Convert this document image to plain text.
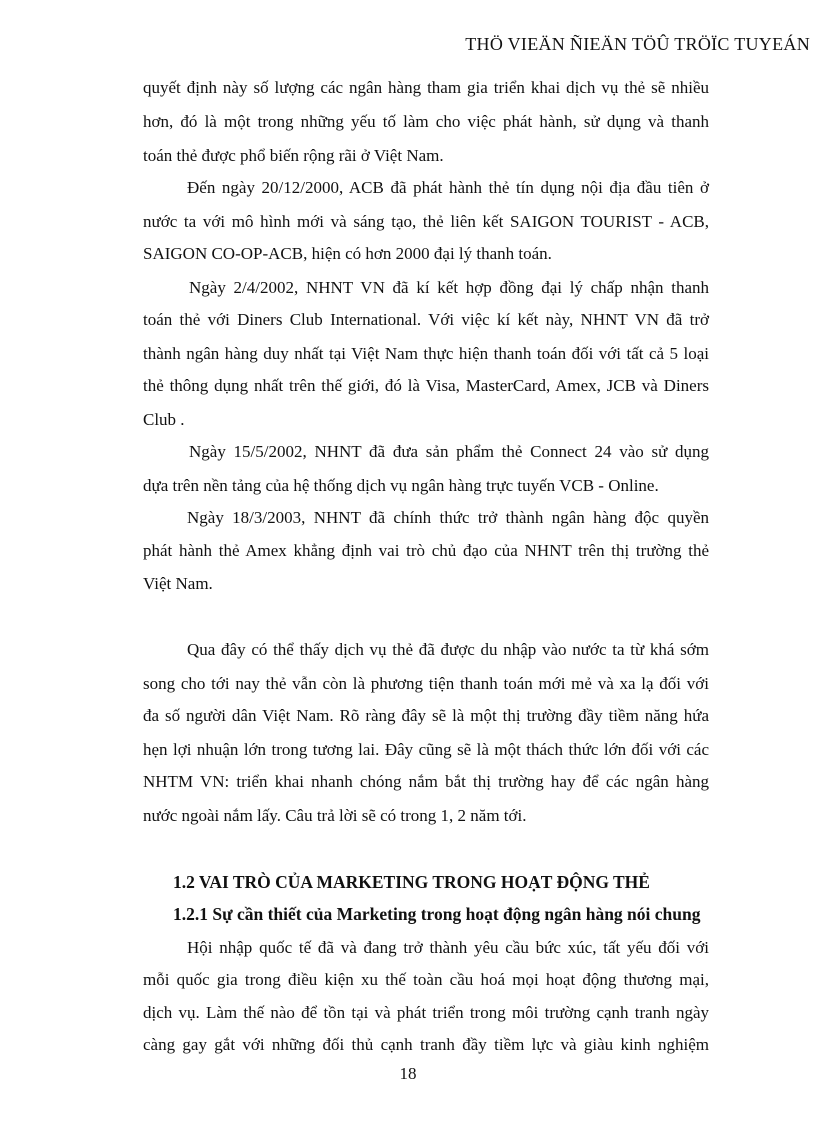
THÖ VIEÄN ÑIEÄN TÖÛ TRÖÏC TUYEÁN
quyết định này số lượng các ngân hàng tham gia triển khai dịch vụ thẻ sẽ nhiều
hơn, đó là một trong những yếu tố làm cho việc phát hành, sử dụng và thanh
toán thẻ được phổ biến rộng rãi ở Việt Nam.
Đến ngày 20/12/2000, ACB đã phát hành thẻ tín dụng nội địa đầu tiên ở
nước ta với mô hình mới và sáng tạo, thẻ liên kết SAIGON TOURIST - ACB,
SAIGON CO-OP-ACB, hiện có hơn 2000 đại lý thanh toán.
Ngày 2/4/2002, NHNT VN đã kí kết hợp đồng đại lý chấp nhận thanh
toán thẻ với Diners Club International. Với việc kí kết này, NHNT VN đã trở
thành ngân hàng duy nhất tại Việt Nam thực hiện thanh toán đối với tất cả 5 loại
thẻ thông dụng nhất trên thế giới, đó là Visa, MasterCard, Amex, JCB và Diners
Club .
Ngày 15/5/2002, NHNT đã đưa sản phẩm thẻ Connect 24 vào sử dụng
dựa trên nền tảng của hệ thống dịch vụ ngân hàng trực tuyến VCB - Online.
Ngày 18/3/2003, NHNT đã chính thức trở thành ngân hàng độc quyền
phát hành thẻ Amex khẳng định vai trò chủ đạo của NHNT trên thị trường thẻ
Việt Nam.
Qua đây có thể thấy dịch vụ thẻ đã được du nhập vào nước ta từ khá sớm
song cho tới nay thẻ vẫn còn là phương tiện thanh toán mới mẻ và xa lạ đối với
đa số người dân Việt Nam. Rõ ràng đây sẽ là một thị trường đầy tiềm năng hứa
hẹn lợi nhuận lớn trong tương lai. Đây cũng sẽ là một thách thức lớn đối với các
NHTM VN: triển khai nhanh chóng nắm bắt thị trường hay để các ngân hàng
nước ngoài nắm lấy. Câu trả lời sẽ có trong 1, 2 năm tới.
1.2 VAI TRÒ CỦA MARKETING TRONG HOẠT ĐỘNG THẺ
1.2.1 Sự cần thiết của Marketing trong hoạt động ngân hàng nói chung
Hội nhập quốc tế đã và đang trở thành yêu cầu bức xúc, tất yếu đối với
mỗi quốc gia trong điều kiện xu thế toàn cầu hoá mọi hoạt động thương mại,
dịch vụ. Làm thế nào để tồn tại và phát triển trong môi trường cạnh tranh ngày
càng gay gắt với những đối thủ cạnh tranh đầy tiềm lực và giàu kinh nghiệm
18
